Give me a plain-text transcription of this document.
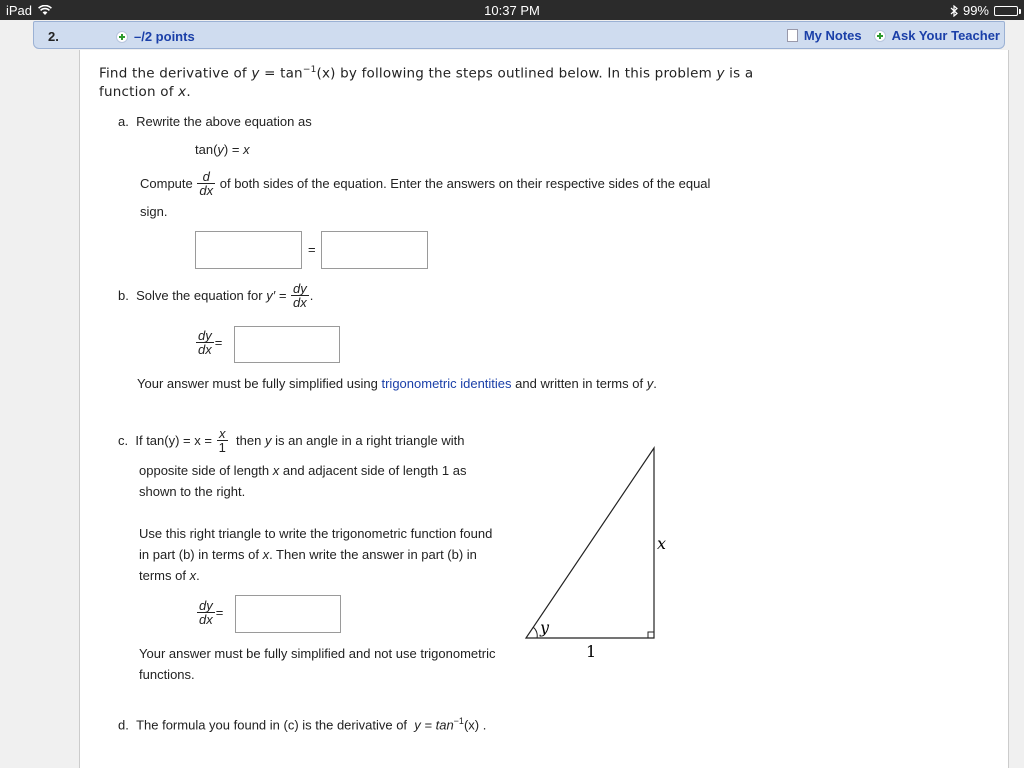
iPad	10:37 PM	99%
2.	–/2 points	My Notes Ask Your Teacher
Find the derivative of $y = \tan^{-1}(x)$ by following the steps outlined below. In this problem y is a
function of x.
a. Rewrite the above equation as
tan(y) = x
Compute $\frac{d}{dx}$ of both sides of the equation. Enter the answers on their respective sides of the equal
sign.
=
b. Solve the equation for $y' = \frac{dy}{dx}$ .
$\frac{dy}{dx}$ =
Your answer must be fully simplified using trigonometric identities and written in terms of y.
c. If $\tan(y) = x = \frac{x}{1}$ then y is an angle in a right triangle with
opposite side of length x and adjacent side of length 1 as
shown to the right.
Use this right triangle to write the trigonometric function found
in part (b) in terms of x. Then write the answer in part (b) in
terms of x.
$\frac{dy}{dx}$ =
Your answer must be fully simplified and not use trigonometric
functions.
y
x
1
d. The formula you found in (c) is the derivative of $y = \tan^{-1}(x)$ .
